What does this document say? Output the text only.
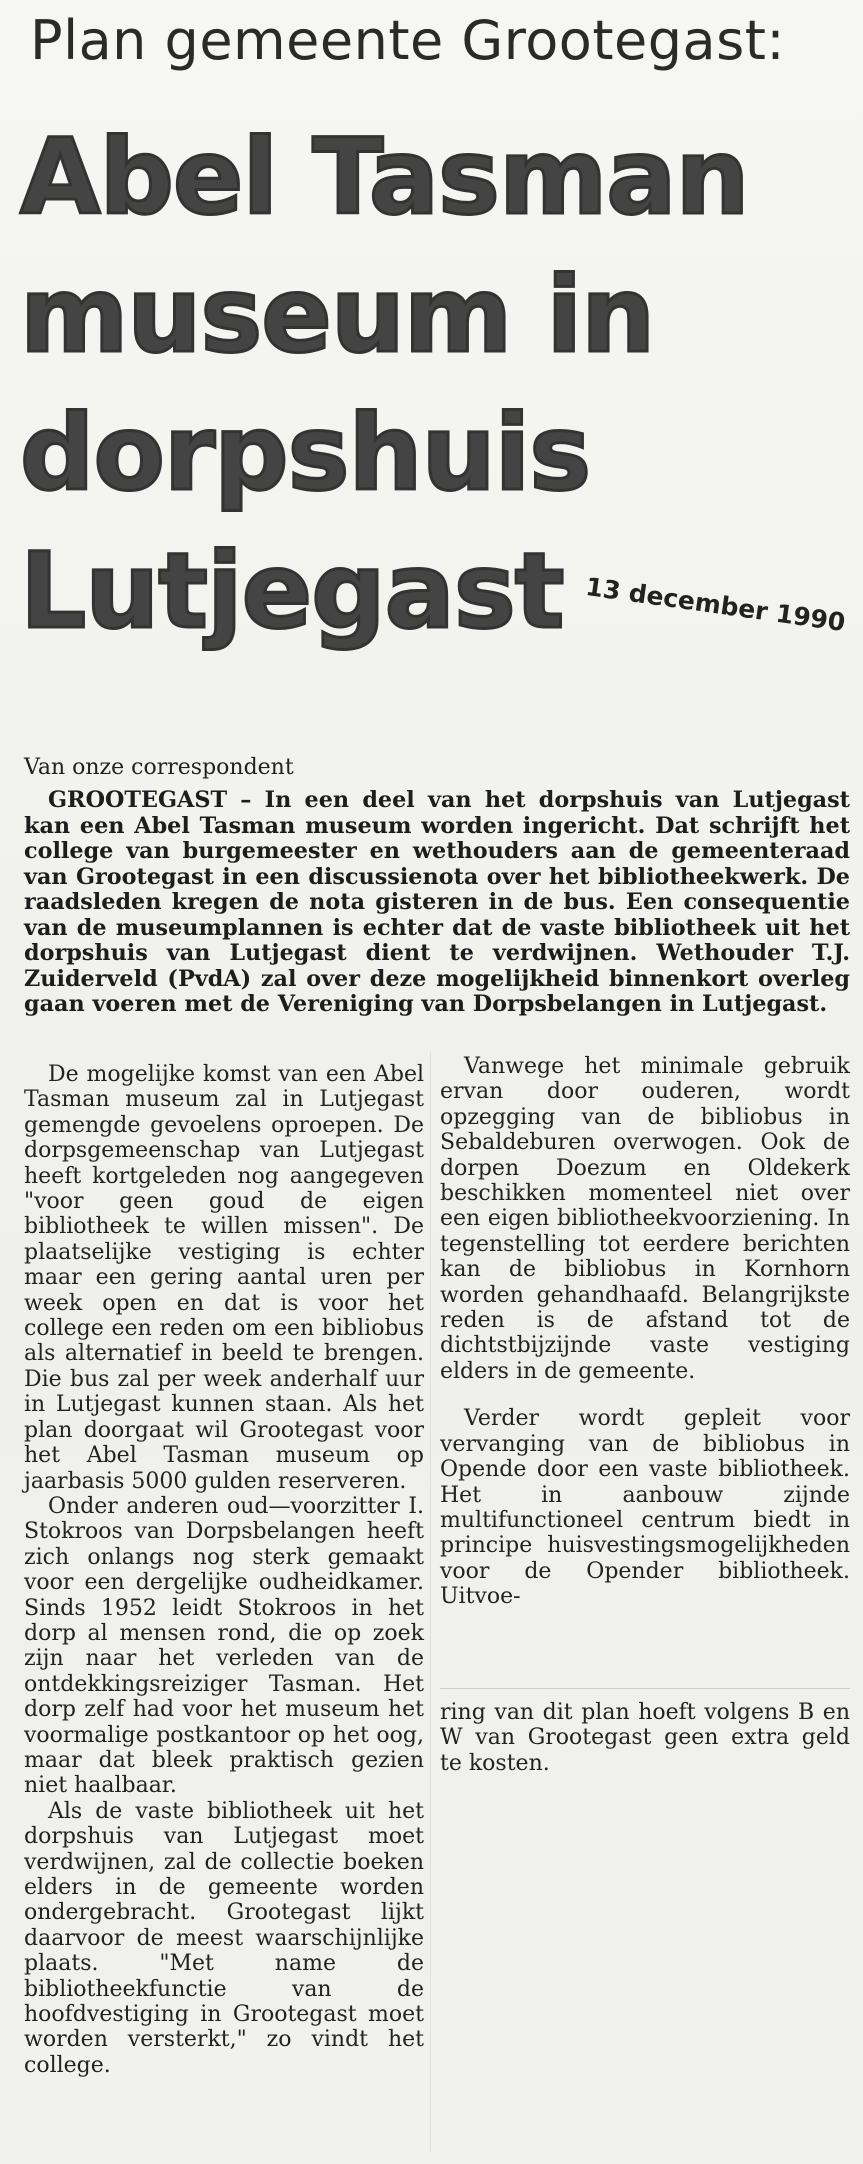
Plan gemeente Grootegast:
Abel Tasman
museum in
dorpshuis
Lutjegast 13 december 1990
Van onze correspondent
GROOTEGAST – In een deel van het dorpshuis van Lutjegast kan een Abel Tasman museum worden ingericht. Dat schrijft het college van burgemeester en wethouders aan de gemeenteraad van Grootegast in een discussienota over het bibliotheekwerk. De raadsleden kregen de nota gisteren in de bus. Een consequentie van de museumplannen is echter dat de vaste bibliotheek uit het dorpshuis van Lutjegast dient te verdwijnen. Wethouder T.J. Zuiderveld (PvdA) zal over deze mogelijkheid binnenkort overleg gaan voeren met de Vereniging van Dorpsbelangen in Lutjegast.

De mogelijke komst van een Abel Tasman museum zal in Lutjegast gemengde gevoelens oproepen. De dorpsgemeenschap van Lutjegast heeft kortgeleden nog aangegeven "voor geen goud de eigen bibliotheek te willen missen". De plaatselijke vestiging is echter maar een gering aantal uren per week open en dat is voor het college een reden om een bibliobus als alternatief in beeld te brengen. Die bus zal per week anderhalf uur in Lutjegast kunnen staan. Als het plan doorgaat wil Grootegast voor het Abel Tasman museum op jaarbasis 5000 gulden reserveren.

Onder anderen oud—voorzitter I. Stokroos van Dorpsbelangen heeft zich onlangs nog sterk gemaakt voor een dergelijke oudheidkamer. Sinds 1952 leidt Stokroos in het dorp al mensen rond, die op zoek zijn naar het verleden van de ontdekkingsreiziger Tasman. Het dorp zelf had voor het museum het voormalige postkantoor op het oog, maar dat bleek praktisch gezien niet haalbaar.

Als de vaste bibliotheek uit het dorpshuis van Lutjegast moet verdwijnen, zal de collectie boeken elders in de gemeente worden ondergebracht. Grootegast lijkt daarvoor de meest waarschijnlijke plaats. "Met name de bibliotheekfunctie van de hoofdvestiging in Grootegast moet worden versterkt," zo vindt het college.

Vanwege het minimale gebruik ervan door ouderen, wordt opzegging van de bibliobus in Sebaldeburen overwogen. Ook de dorpen Doezum en Oldekerk beschikken momenteel niet over een eigen bibliotheekvoorziening. In tegenstelling tot eerdere berichten kan de bibliobus in Kornhorn worden gehandhaafd. Belangrijkste reden is de afstand tot de dichtstbijzijnde vaste vestiging elders in de gemeente.

Verder wordt gepleit voor vervanging van de bibliobus in Opende door een vaste bibliotheek. Het in aanbouw zijnde multifunctioneel centrum biedt in principe huisvestingsmogelijkheden voor de Opender bibliotheek. Uitvoe-

ring van dit plan hoeft volgens B en W van Grootegast geen extra geld te kosten.
